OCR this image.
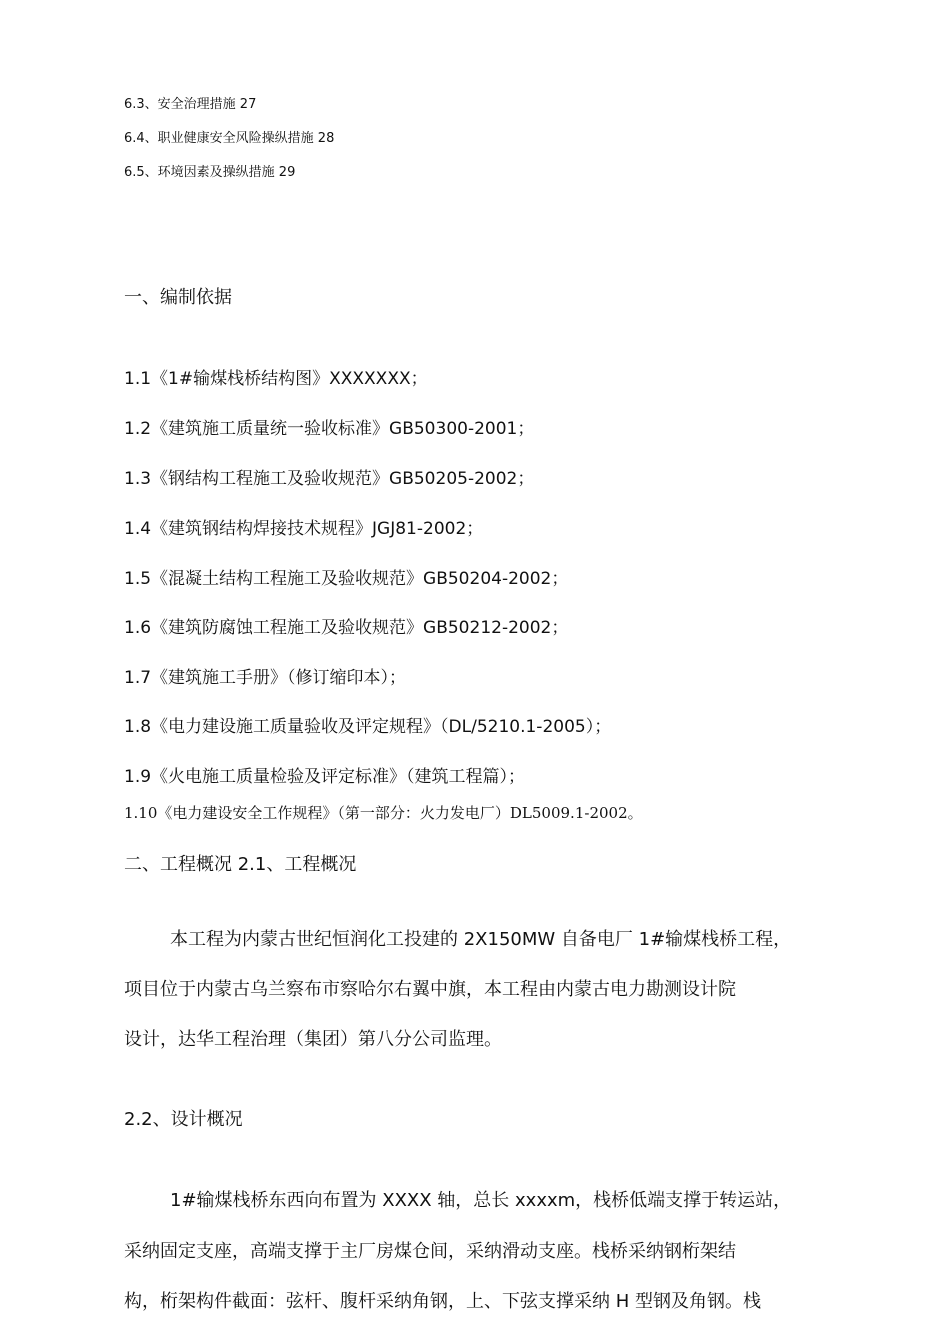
6.3、安全治理措施 27
6.4、职业健康安全风险操纵措施 28
6.5、环境因素及操纵措施 29
一、编制依据
1.1《1#输煤栈桥结构图》XXXXXXX；
1.2《建筑施工质量统一验收标准》GB50300-2001；
1.3《钢结构工程施工及验收规范》GB50205-2002；
1.4《建筑钢结构焊接技术规程》JGJ81-2002；
1.5《混凝土结构工程施工及验收规范》GB50204-2002；
1.6《建筑防腐蚀工程施工及验收规范》GB50212-2002；
1.7《建筑施工手册》（修订缩印本）；
1.8《电力建设施工质量验收及评定规程》（DL/5210.1-2005）；
1.9《火电施工质量检验及评定标准》（建筑工程篇）；
1.10《电力建设安全工作规程》（第一部分：火力发电厂）DL5009.1-2002。
二、工程概况 2.1、工程概况
本工程为内蒙古世纪恒润化工投建的 2X150MW 自备电厂 1#输煤栈桥工程，
项目位于内蒙古乌兰察布市察哈尔右翼中旗，本工程由内蒙古电力勘测设计院
设计，达华工程治理（集团）第八分公司监理。
2.2、设计概况
1#输煤栈桥东西向布置为 XXXX 轴，总长 xxxxm，栈桥低端支撑于转运站，
采纳固定支座，高端支撑于主厂房煤仓间，采纳滑动支座。栈桥采纳钢桁架结
构，桁架构件截面：弦杆、腹杆采纳角钢，上、下弦支撑采纳 H 型钢及角钢。栈
